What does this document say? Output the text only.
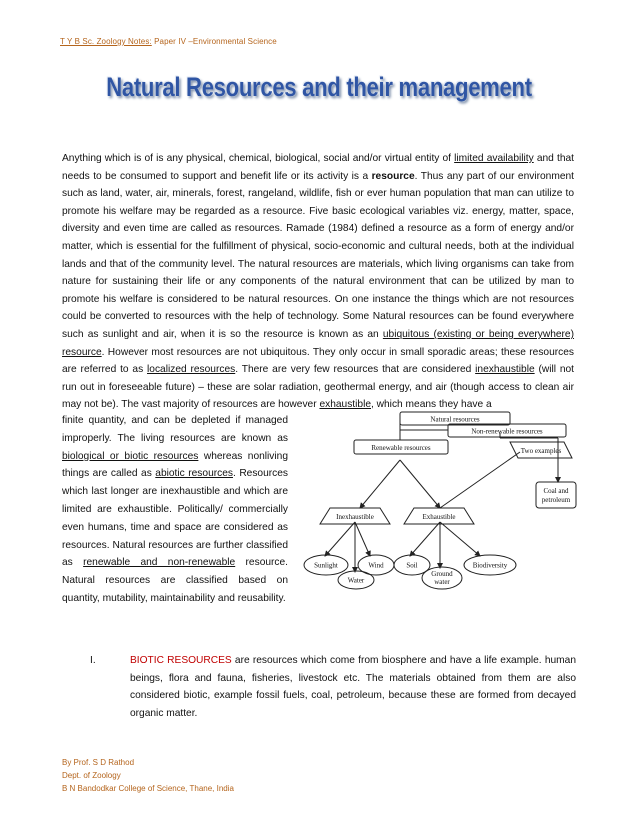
T Y B Sc. Zoology Notes: Paper IV –Environmental Science
Natural Resources and their management
Anything which is of is any physical, chemical, biological, social and/or virtual entity of limited availability and that needs to be consumed to support and benefit life or its activity is a resource. Thus any part of our environment such as land, water, air, minerals, forest, rangeland, wildlife, fish or ever human population that man can utilize to promote his welfare may be regarded as a resource. Five basic ecological variables viz. energy, matter, space, diversity and even time are called as resources. Ramade (1984) defined a resource as a form of energy and/or matter, which is essential for the fulfillment of physical, socio-economic and cultural needs, both at the individual lands and that of the community level. The natural resources are materials, which living organisms can take from nature for sustaining their life or any components of the natural environment that can be utilized by man to promote his welfare is considered to be natural resources. On one instance the things which are not resources could be converted to resources with the help of technology. Some Natural resources can be found everywhere such as sunlight and air, when it is so the resource is known as an ubiquitous (existing or being everywhere) resource. However most resources are not ubiquitous. They only occur in small sporadic areas; these resources are referred to as localized resources. There are very few resources that are considered inexhaustible (will not run out in foreseeable future) – these are solar radiation, geothermal energy, and air (though access to clean air may not be). The vast majority of resources are however exhaustible, which means they have a
finite quantity, and can be depleted if managed improperly. The living resources are known as biological or biotic resources whereas nonliving things are called as abiotic resources. Resources which last longer are inexhaustible and which are limited are exhaustible. Politically/ commercially even humans, time and space are considered as resources. Natural resources are further classified as renewable and non-renewable resource. Natural resources are classified based on quantity, mutability, maintainability and reusability.
Natural resources
Non-renewable resources
Renewable resources	Two examples
Coal and
petroleum
Inexhaustible	Exhaustible
Sunlight	Wind	Soil	Biodiversity
Water
Ground
water
I.	BIOTIC RESOURCES are resources which come from biosphere and have a life example. human beings, flora and fauna, fisheries, livestock etc. The materials obtained from them are also considered biotic, example fossil fuels, coal, petroleum, because these are formed from decayed organic matter.
By Prof. S D Rathod
Dept. of Zoology
B N Bandodkar College of Science, Thane, India
